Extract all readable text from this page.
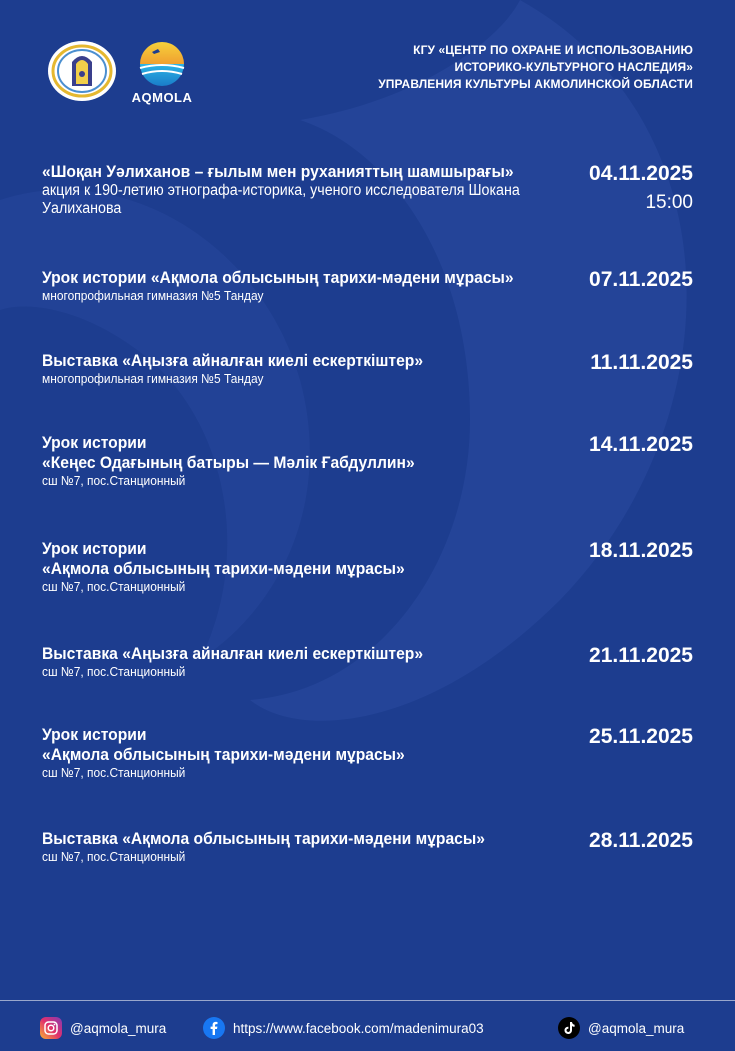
AQMOLA
КГУ «ЦЕНТР ПО ОХРАНЕ И ИСПОЛЬЗОВАНИЮ
ИСТОРИКО-КУЛЬТУРНОГО НАСЛЕДИЯ»
УПРАВЛЕНИЯ КУЛЬТУРЫ АКМОЛИНСКОЙ ОБЛАСТИ
«Шоқан Уәлиханов – ғылым мен руханияттың шамшырағы»
акция к 190-летию этнографа-историка, ученого исследователя Шокана Уалиханова
04.11.2025
15:00
Урок истории «Ақмола облысының тарихи-мәдени мұрасы»
многопрофильная гимназия №5 Тандау
07.11.2025
Выставка «Аңызға айналған киелі ескерткіштер»
многопрофильная гимназия №5 Тандау
11.11.2025
Урок истории
«Кеңес Одағының батыры — Мәлік Ғабдуллин»
сш №7, пос.Станционный
14.11.2025
Урок истории
«Ақмола облысының тарихи-мәдени мұрасы»
сш №7, пос.Станционный
18.11.2025
Выставка «Аңызға айналған киелі ескерткіштер»
сш №7, пос.Станционный
21.11.2025
Урок истории
«Ақмола облысының тарихи-мәдени мұрасы»
сш №7, пос.Станционный
25.11.2025
Выставка «Ақмола облысының тарихи-мәдени мұрасы»
сш №7, пос.Станционный
28.11.2025
@aqmola_mura	https://www.facebook.com/madenimura03	@aqmola_mura
